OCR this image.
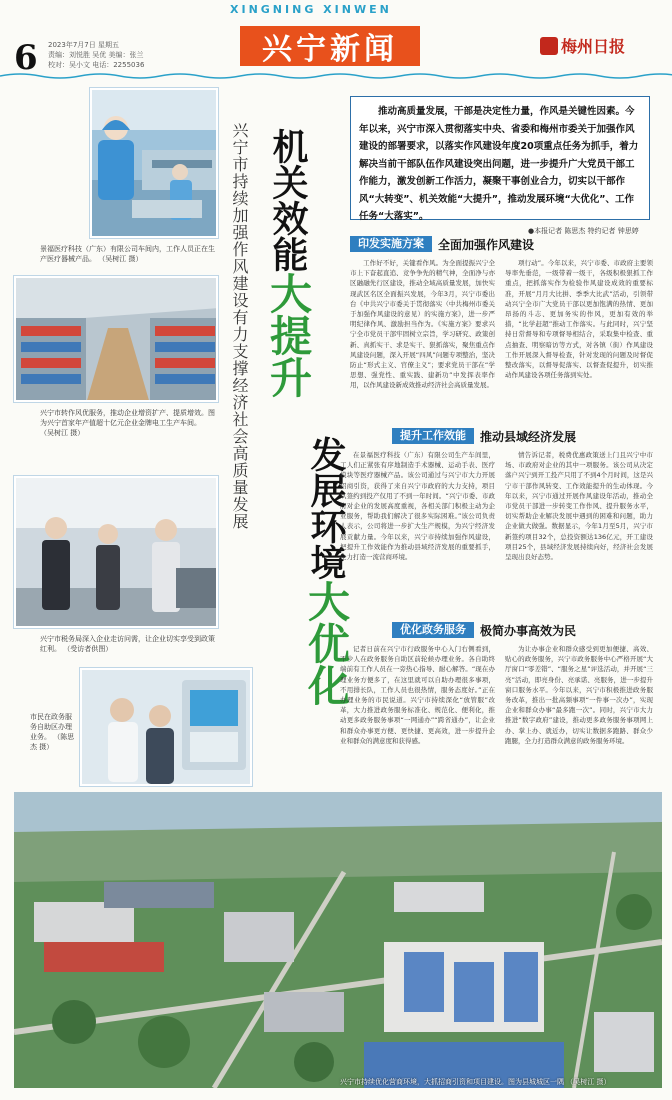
XINGNING XINWEN
6 2023年7月7日 星期五
责编：刘悦胜 吴优 美编：张兰
校对：吴小文 电话：2255036	兴宁新闻	梅州日报
景福医疗科技（广东）有限公司车间内，工作人员正在生产医疗器械产品。 （吴树江 摄）
兴宁市转作风优服务，推动企业增资扩产、提质增效。图为兴宁首家年产值超十亿元企业金牌电工生产车间。 （吴树江 摄）
兴宁市税务局深入企业走访问需，让企业切实享受到政策红利。 （受访者供图）
市民在政务服务自助区办理业务。 （陈思杰 摄）
兴宁市持续加强作风建设有力支撑经济社会高质量发展 机关效能大提升
发展环境大优化
推动高质量发展，干部是决定性力量，作风是关键性因素。今年以来，兴宁市深入贯彻落实中央、省委和梅州市委关于加强作风建设的部署要求，以落实作风建设年度20项重点任务为抓手，着力解决当前干部队伍作风建设突出问题，进一步提升广大党员干部工作能力，激发创新工作活力，凝聚干事创业合力，切实以干部作风“大转变”、机关效能“大提升”，推动发展环境“大优化”、工作任务“大落实”。
●本报记者 陈思杰 特约记者 钟思婷
印发实施方案	全面加强作风建设
工作好不好，关键看作风。为全面提振兴宁全市上下奋起直追、竞争争先的精气神，全面净与亦区融融先行区建设，推动全域高质量发展，加快实现武区名区全面振兴发展，今年3月，兴宁市委出台《中共兴宁市委关于贯彻落实（中共梅州市委关于加强作风建设的意见）的实施方案》，进一步严明纪律作风、激励担当作为。《实施方案》要求兴宁全市党员干部牢固树立宗旨，学习研究、政策创新、真抓实干、求是实干、狠抓落实，聚焦重点作风建设问题，深入开展“四风”问题专项整治，坚决防止“形式主义、官僚主义”；要求党员干部在“学思想、强党性、重实践、建新功”中发挥表率作用，以作风建设新成效推动经济社会高质量发展。
项行动”。今年以来，兴宁市委、市政府主要领导率先垂范，一级带着一级干，各级积极狠抓工作重点，把抓落实作为检验作风建设成效的重要标准，开展“月月大比拼、季季大比武”活动，引领带动兴宁全市广大党员干部以更加饱满的热情、更加昂扬的斗志、更加务实的作风，更加有效的举措，“比学赶超”推动工作落实。与此同时，兴宁坚持日常督导和专项督导相结合，采取集中检查、重点抽查、明察暗访等方式，对各镇（街）作风建设工作开展深入督导检查，针对发现的问题及时督促整改落实，以督导促落实、以督查促提升，切实推动作风建设各项任务落到实处。
提升工作效能	推动县域经济发展
在景福医疗科技（广东）有限公司生产车间里，工人们正紧张有序地制造手术器械、运动手表、医疗模块等医疗器械产品。该公司通过与兴宁市大力开展招商引资，获得了来自兴宁市政府的大力支持，项目从签约到投产仅用了不到一年时间。“兴宁市委、市政府对企业的发展高度重视，各相关部门积极主动为企业服务，帮助我们解决了很多实际困难。”该公司负责人表示，公司将进一步扩大生产规模，为兴宁经济发展贡献力量。今年以来，兴宁市持续加强作风建设，把提升工作效能作为推动县域经济发展的重要抓手，全力打造一流营商环境。
情告诉记者，税费优惠政策送上门且兴宁中市场、市政府对企业的其中一项服务。该公司从决定落户兴宁到开工投产只用了不到4个月时间，这是兴宁市干部作风转变、工作效能提升的生动体现。今年以来，兴宁市通过开展作风建设年活动，推动全市党员干部进一步转变工作作风、提升服务水平，切实帮助企业解决发展中遇到的困难和问题，助力企业做大做强。数据显示，今年1月至5月，兴宁市新签约项目32个，总投资额达136亿元，开工建设项目25个，县域经济发展持续向好，经济社会发展呈现出良好态势。
优化政务服务	极简办事高效为民
记者日前在兴宁市行政服务中心入门右侧看到，不少人在政务服务自助区前轮候办理业务。各自助终端前有工作人员在一旁热心指导、耐心解答。“现在办理业务方便多了，在这里就可以自助办理很多事项，不用排长队，工作人员也很热情，服务态度好。”正在办理业务的市民说道。兴宁市持续深化“放管服”改革，大力推进政务服务标准化、规范化、便利化，推动更多政务服务事项“一网通办”“跨省通办”，让企业和群众办事更方便、更快捷、更高效，进一步提升企业和群众的满意度和获得感。
为让办事企业和群众感受到更加便捷、高效、贴心的政务服务，兴宁市政务服务中心严格开展“大厅窗口“零差错”、“服务之星”评选活动，并开展“三亮”活动，即亮身份、亮承诺、亮服务，进一步提升窗口服务水平。今年以来，兴宁市积极推进政务服务改革，推出一批高频事项“一件事一次办”，实现企业和群众办事“最多跑一次”。同时，兴宁市大力推进“数字政府”建设，推动更多政务服务事项网上办、掌上办、就近办，切实让数据多跑路、群众少跑腿，全力打造群众满意的政务服务环境。
兴宁市持续优化营商环境，大抓招商引资和项目建设。图为县城城区一隅 （吴树江 摄）
